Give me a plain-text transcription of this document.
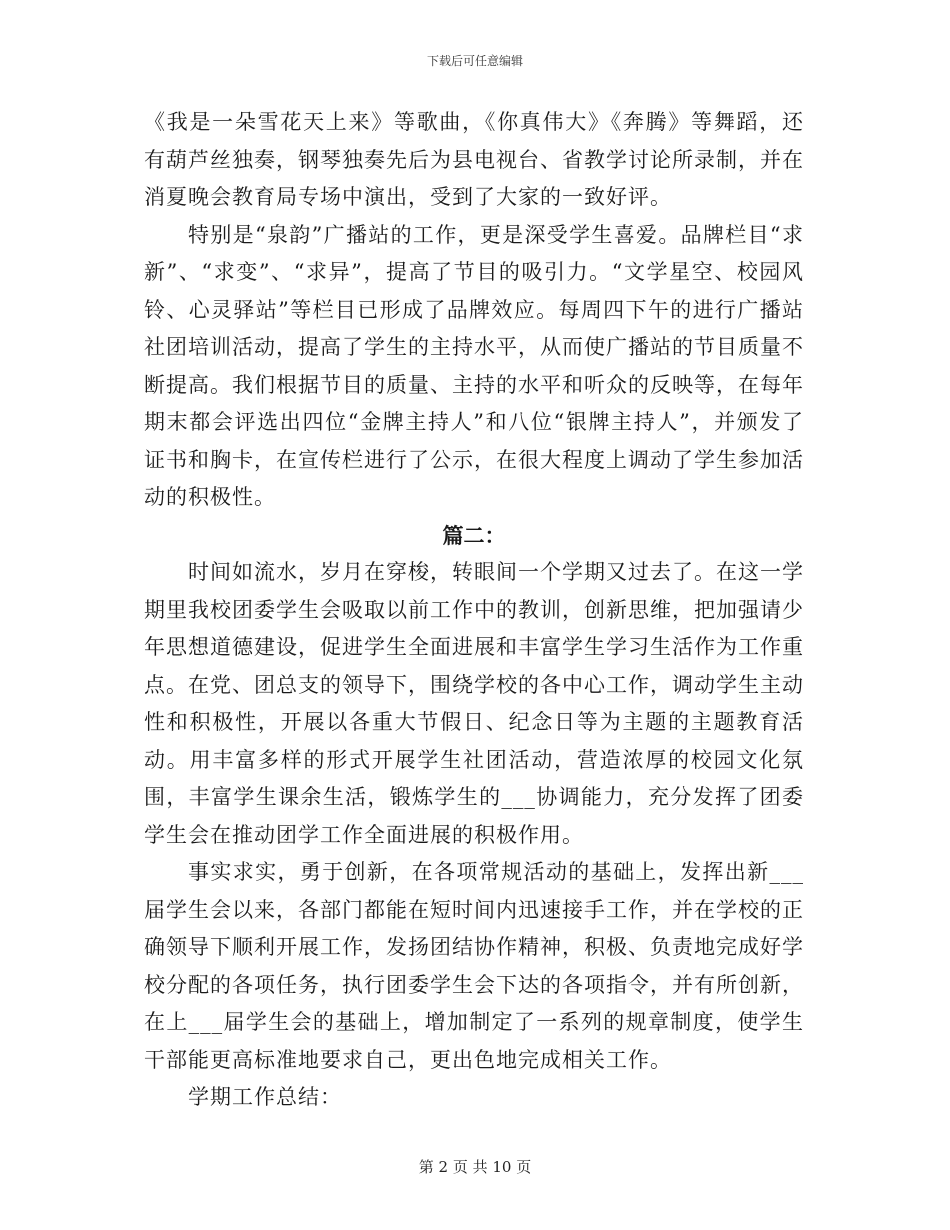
下载后可任意编辑

《我是一朵雪花天上来》等歌曲，《你真伟大》《奔腾》等舞蹈，还有葫芦丝独奏，钢琴独奏先后为县电视台、省教学讨论所录制，并在消夏晚会教育局专场中演出，受到了大家的一致好评。

特别是“泉韵”广播站的工作，更是深受学生喜爱。品牌栏目“求新”、“求变”、“求异”，提高了节目的吸引力。“文学星空、校园风铃、心灵驿站”等栏目已形成了品牌效应。每周四下午的进行广播站社团培训活动，提高了学生的主持水平，从而使广播站的节目质量不断提高。我们根据节目的质量、主持的水平和听众的反映等，在每年期末都会评选出四位“金牌主持人”和八位“银牌主持人”，并颁发了证书和胸卡，在宣传栏进行了公示，在很大程度上调动了学生参加活动的积极性。

篇二：

时间如流水，岁月在穿梭，转眼间一个学期又过去了。在这一学期里我校团委学生会吸取以前工作中的教训，创新思维，把加强请少年思想道德建设，促进学生全面进展和丰富学生学习生活作为工作重点。在党、团总支的领导下，围绕学校的各中心工作，调动学生主动性和积极性，开展以各重大节假日、纪念日等为主题的主题教育活动。用丰富多样的形式开展学生社团活动，营造浓厚的校园文化氛围，丰富学生课余生活，锻炼学生的___协调能力，充分发挥了团委学生会在推动团学工作全面进展的积极作用。

事实求实，勇于创新，在各项常规活动的基础上，发挥出新___届学生会以来，各部门都能在短时间内迅速接手工作，并在学校的正确领导下顺利开展工作，发扬团结协作精神，积极、负责地完成好学校分配的各项任务，执行团委学生会下达的各项指令，并有所创新，在上___届学生会的基础上，增加制定了一系列的规章制度，使学生干部能更高标准地要求自己，更出色地完成相关工作。

学期工作总结：

第 2 页 共 10 页
